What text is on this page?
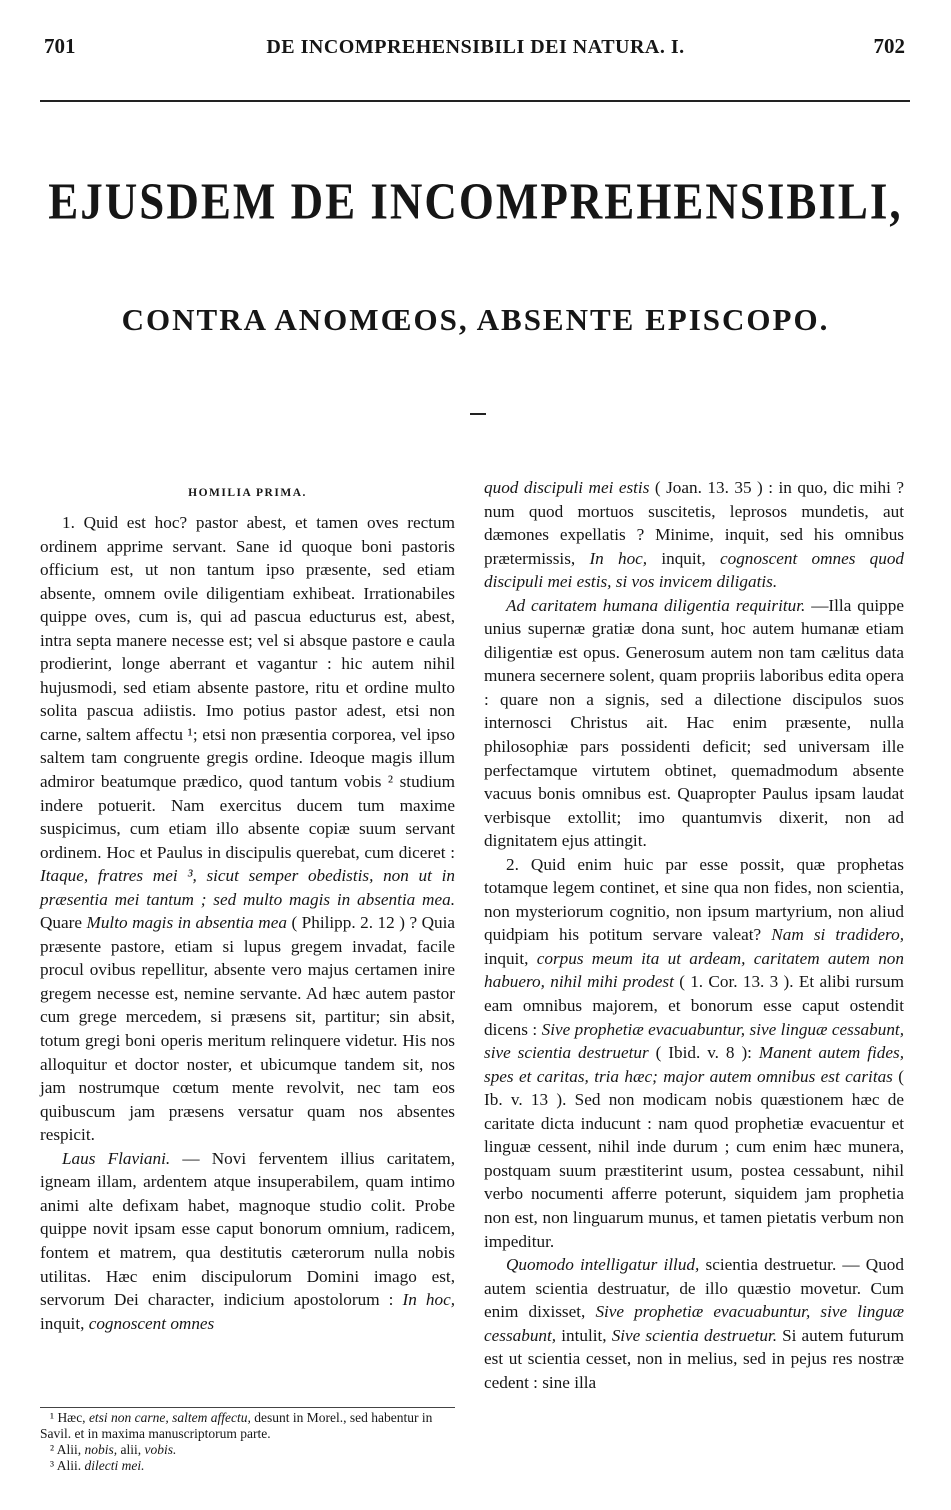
701	DE INCOMPREHENSIBILI DEI NATURA. I.	702
EJUSDEM DE INCOMPREHENSIBILI,
CONTRA ANOMŒOS, ABSENTE EPISCOPO.
HOMILIA PRIMA.

1. Quid est hoc? pastor abest, et tamen oves rectum ordinem apprime servant. Sane id quoque boni pastoris officium est, ut non tantum ipso præsente, sed etiam absente, omnem ovile diligentiam exhibeat. Irrationabiles quippe oves, cum is, qui ad pascua educturus est, abest, intra septa manere necesse est; vel si absque pastore e caula prodierint, longe aberrant et vagantur : hic autem nihil hujusmodi, sed etiam absente pastore, ritu et ordine multo solita pascua adiistis. Imo potius pastor adest, etsi non carne, saltem affectu ¹; etsi non præsentia corporea, vel ipso saltem tam congruente gregis ordine. Ideoque magis illum admiror beatumque prædico, quod tantum vobis ² studium indere potuerit. Nam exercitus ducem tum maxime suspicimus, cum etiam illo absente copiæ suum servant ordinem. Hoc et Paulus in discipulis querebat, cum diceret : Itaque, fratres mei ³, sicut semper obedistis, non ut in præsentia mei tantum ; sed multo magis in absentia mea. Quare Multo magis in absentia mea ( Philipp. 2. 12 ) ? Quia præsente pastore, etiam si lupus gregem invadat, facile procul ovibus repellitur, absente vero majus certamen inire gregem necesse est, nemine servante. Ad hæc autem pastor cum grege mercedem, si præsens sit, partitur; sin absit, totum gregi boni operis meritum relinquere videtur. His nos alloquitur et doctor noster, et ubicumque tandem sit, nos jam nostrumque cœtum mente revolvit, nec tam eos quibuscum jam præsens versatur quam nos absentes respicit.

Laus Flaviani. — Novi ferventem illius caritatem, igneam illam, ardentem atque insuperabilem, quam intimo animi alte defixam habet, magnoque studio colit. Probe quippe novit ipsam esse caput bonorum omnium, radicem, fontem et matrem, qua destitutis cæterorum nulla nobis utilitas. Hæc enim discipulorum Domini imago est, servorum Dei character, indicium apostolorum : In hoc, inquit, cognoscent omnes

¹ Hæc, etsi non carne, saltem affectu, desunt in Morel., sed habentur in Savil. et in maxima manuscriptorum parte.
² Alii, nobis, alii, vobis.
³ Alii. dilecti mei.

quod discipuli mei estis ( Joan. 13. 35 ) : in quo, dic mihi ? num quod mortuos suscitetis, leprosos mundetis, aut dæmones expellatis ? Minime, inquit, sed his omnibus prætermissis, In hoc, inquit, cognoscent omnes quod discipuli mei estis, si vos invicem diligatis.

Ad caritatem humana diligentia requiritur. —Illa quippe unius supernæ gratiæ dona sunt, hoc autem humanæ etiam diligentiæ est opus. Generosum autem non tam cælitus data munera secernere solent, quam propriis laboribus edita opera : quare non a signis, sed a dilectione discipulos suos internosci Christus ait. Hac enim præsente, nulla philosophiæ pars possidenti deficit; sed universam ille perfectamque virtutem obtinet, quemadmodum absente vacuus bonis omnibus est. Quapropter Paulus ipsam laudat verbisque extollit; imo quantumvis dixerit, non ad dignitatem ejus attingit.

2. Quid enim huic par esse possit, quæ prophetas totamque legem continet, et sine qua non fides, non scientia, non mysteriorum cognitio, non ipsum martyrium, non aliud quidpiam his potitum servare valeat? Nam si tradidero, inquit, corpus meum ita ut ardeam, caritatem autem non habuero, nihil mihi prodest ( 1. Cor. 13. 3 ). Et alibi rursum eam omnibus majorem, et bonorum esse caput ostendit dicens : Sive prophetiæ evacuabuntur, sive linguæ cessabunt, sive scientia destruetur ( Ibid. v. 8 ): Manent autem fides, spes et caritas, tria hæc; major autem omnibus est caritas ( Ib. v. 13 ). Sed non modicam nobis quæstionem hæc de caritate dicta inducunt : nam quod prophetiæ evacuentur et linguæ cessent, nihil inde durum ; cum enim hæc munera, postquam suum præstiterint usum, postea cessabunt, nihil verbo nocumenti afferre poterunt, siquidem jam prophetia non est, non linguarum munus, et tamen pietatis verbum non impeditur.

Quomodo intelligatur illud, scientia destruetur. — Quod autem scientia destruatur, de illo quæstio movetur. Cum enim dixisset, Sive prophetiæ evacuabuntur, sive linguæ cessabunt, intulit, Sive scientia destruetur. Si autem futurum est ut scientia cesset, non in melius, sed in pejus res nostræ cedent : sine illa
